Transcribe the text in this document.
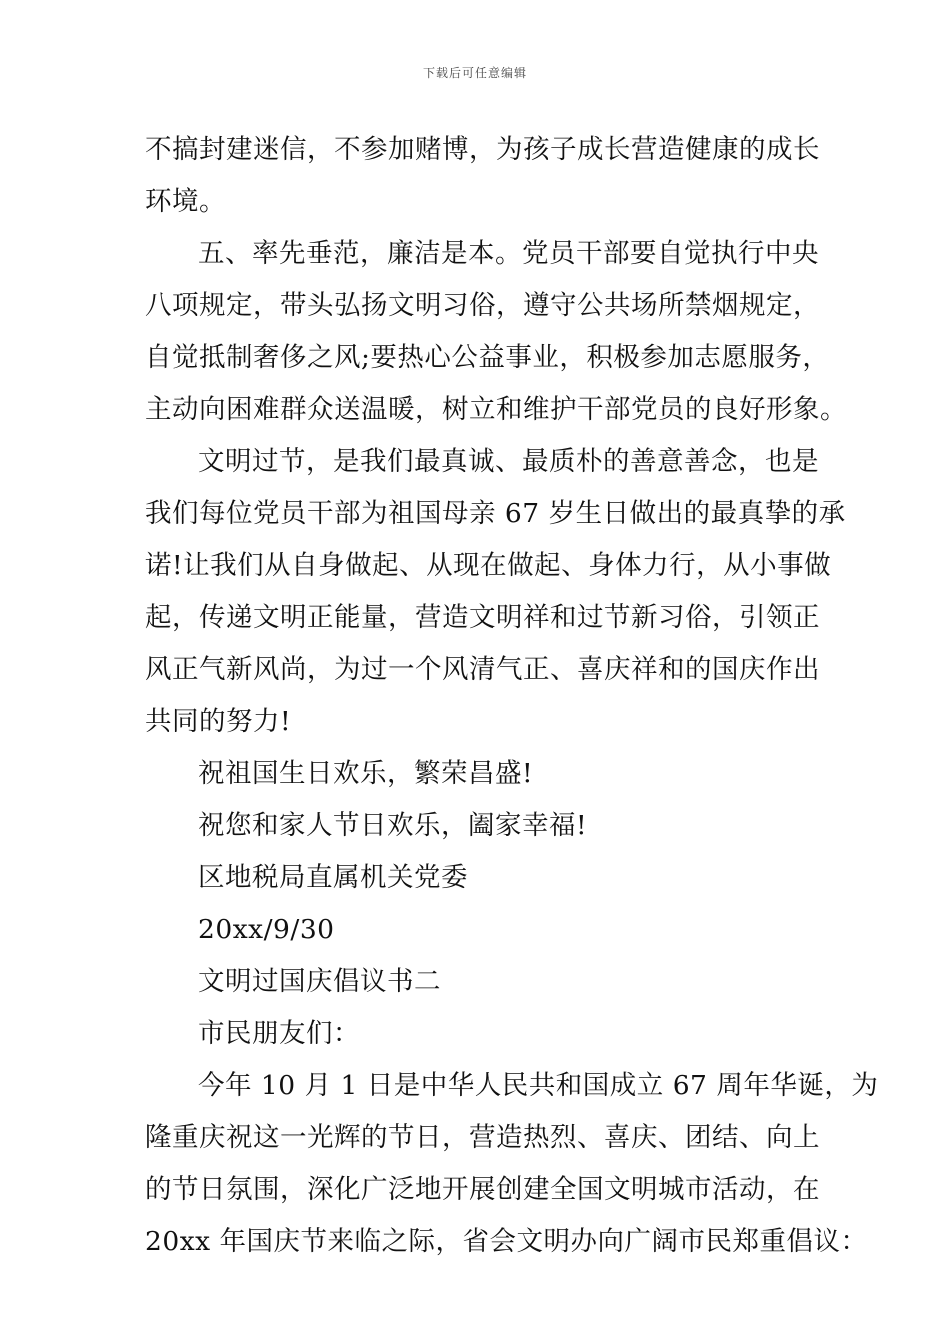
下载后可任意编辑
不搞封建迷信，不参加赌博，为孩子成长营造健康的成长
环境。
五、率先垂范，廉洁是本。党员干部要自觉执行中央
八项规定，带头弘扬文明习俗，遵守公共场所禁烟规定，
自觉抵制奢侈之风;要热心公益事业，积极参加志愿服务，
主动向困难群众送温暖，树立和维护干部党员的良好形象。
文明过节，是我们最真诚、最质朴的善意善念，也是
我们每位党员干部为祖国母亲 67 岁生日做出的最真挚的承
诺!让我们从自身做起、从现在做起、身体力行，从小事做
起，传递文明正能量，营造文明祥和过节新习俗，引领正
风正气新风尚，为过一个风清气正、喜庆祥和的国庆作出
共同的努力!
祝祖国生日欢乐，繁荣昌盛!
祝您和家人节日欢乐，阖家幸福!
区地税局直属机关党委
20xx/9/30
文明过国庆倡议书二
市民朋友们：
今年 10 月 1 日是中华人民共和国成立 67 周年华诞，为
隆重庆祝这一光辉的节日，营造热烈、喜庆、团结、向上
的节日氛围，深化广泛地开展创建全国文明城市活动，在
20xx 年国庆节来临之际，省会文明办向广阔市民郑重倡议：
